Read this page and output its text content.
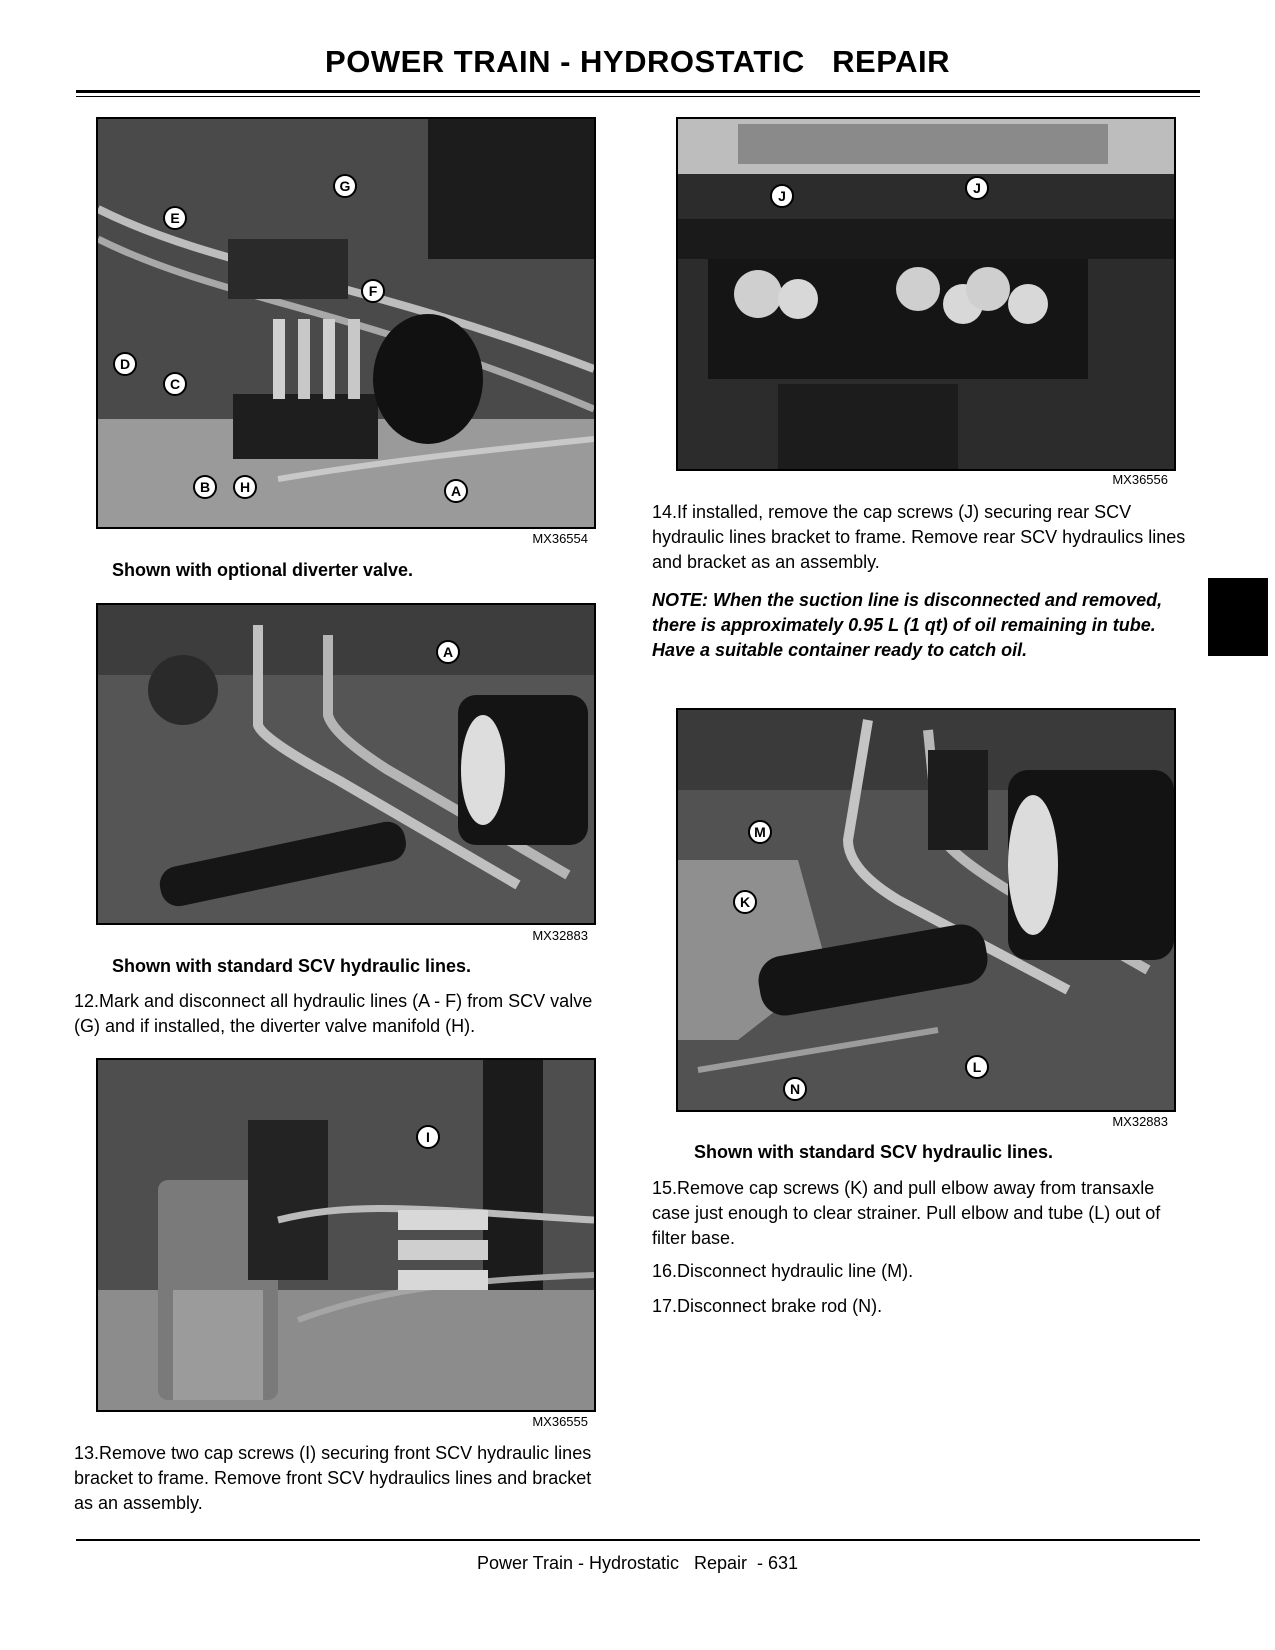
POWER TRAIN - HYDROSTATIC   REPAIR
G
E
F
D
C
B	H	A
MX36554
Shown with optional diverter valve.
A
MX32883
Shown with standard SCV hydraulic lines.
12.Mark and disconnect all hydraulic lines (A - F) from SCV valve (G) and if installed, the diverter valve manifold (H).
I
MX36555
13.Remove two cap screws (I) securing front SCV hydraulic lines bracket to frame. Remove front SCV hydraulics lines and bracket as an assembly.
J	J
MX36556
14.If installed, remove the cap screws (J) securing rear SCV hydraulic lines bracket to frame. Remove rear SCV hydraulics lines and bracket as an assembly.
NOTE: When the suction line is disconnected and removed, there is approximately 0.95 L (1 qt) of oil remaining in tube. Have a suitable container ready to catch oil.
M
K
L
N
MX32883
Shown with standard SCV hydraulic lines.
15.Remove cap screws (K) and pull elbow away from transaxle case just enough to clear strainer. Pull elbow and tube (L) out of filter base.
16.Disconnect hydraulic line (M).
17.Disconnect brake rod (N).
Power Train - Hydrostatic   Repair  - 631
